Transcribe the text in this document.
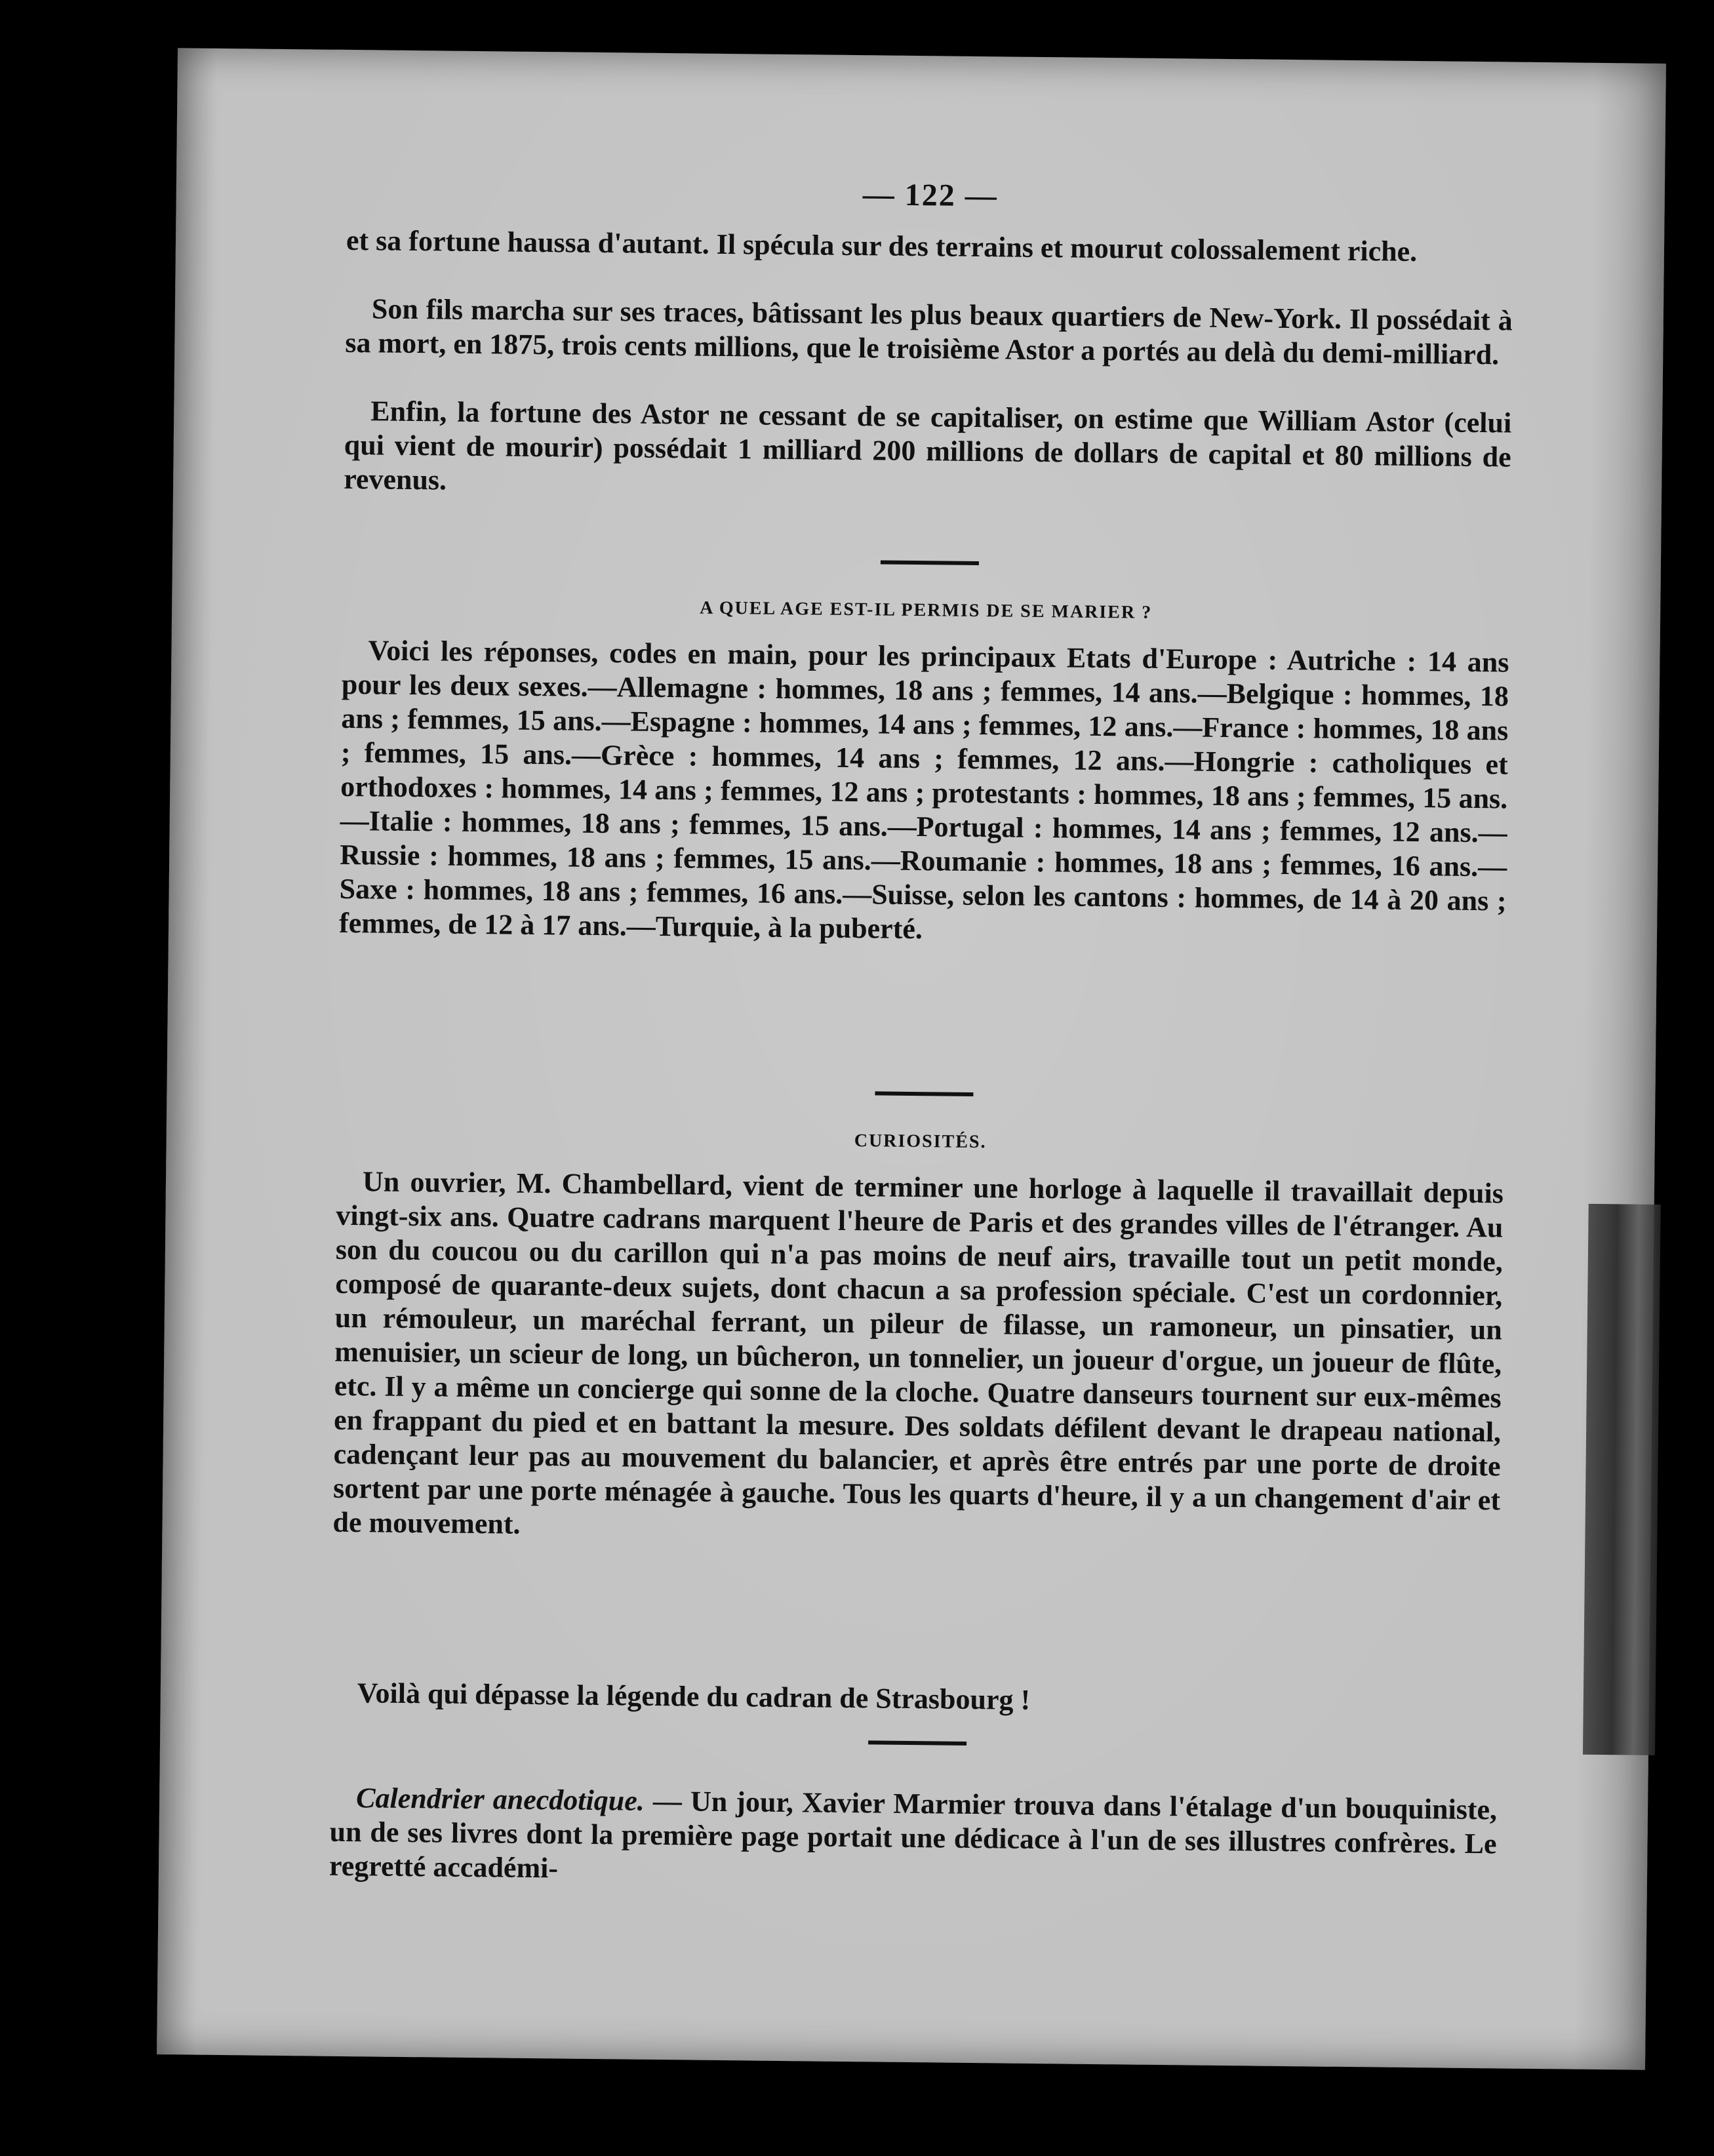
— 122 —

et sa fortune haussa d'autant. Il spécula sur des terrains et mourut colossalement riche.

Son fils marcha sur ses traces, bâtissant les plus beaux quartiers de New-York. Il possédait à sa mort, en 1875, trois cents millions, que le troisième Astor a portés au delà du demi-milliard.

Enfin, la fortune des Astor ne cessant de se capitaliser, on estime que William Astor (celui qui vient de mourir) possédait 1 milliard 200 millions de dollars de capital et 80 millions de revenus.

A QUEL AGE EST-IL PERMIS DE SE MARIER ?

Voici les réponses, codes en main, pour les principaux Etats d'Europe : Autriche : 14 ans pour les deux sexes.—Allemagne : hommes, 18 ans ; femmes, 14 ans.—Belgique : hommes, 18 ans ; femmes, 15 ans.—Espagne : hommes, 14 ans ; femmes, 12 ans.—France : hommes, 18 ans ; femmes, 15 ans.—Grèce : hommes, 14 ans ; femmes, 12 ans.—Hongrie : catholiques et orthodoxes : hommes, 14 ans ; femmes, 12 ans ; protestants : hommes, 18 ans ; femmes, 15 ans.—Italie : hommes, 18 ans ; femmes, 15 ans.—Portugal : hommes, 14 ans ; femmes, 12 ans.—Russie : hommes, 18 ans ; femmes, 15 ans.—Roumanie : hommes, 18 ans ; femmes, 16 ans.—Saxe : hommes, 18 ans ; femmes, 16 ans.—Suisse, selon les cantons : hommes, de 14 à 20 ans ; femmes, de 12 à 17 ans.—Turquie, à la puberté.

CURIOSITÉS.

Un ouvrier, M. Chambellard, vient de terminer une horloge à laquelle il travaillait depuis vingt-six ans. Quatre cadrans marquent l'heure de Paris et des grandes villes de l'étranger. Au son du coucou ou du carillon qui n'a pas moins de neuf airs, travaille tout un petit monde, composé de quarante-deux sujets, dont chacun a sa profession spéciale. C'est un cordonnier, un rémouleur, un maréchal ferrant, un pileur de filasse, un ramoneur, un pinsatier, un menuisier, un scieur de long, un bûcheron, un tonnelier, un joueur d'orgue, un joueur de flûte, etc. Il y a même un concierge qui sonne de la cloche. Quatre danseurs tournent sur eux-mêmes en frappant du pied et en battant la mesure. Des soldats défilent devant le drapeau national, cadençant leur pas au mouvement du balancier, et après être entrés par une porte de droite sortent par une porte ménagée à gauche. Tous les quarts d'heure, il y a un changement d'air et de mouvement.

Voilà qui dépasse la légende du cadran de Strasbourg !

Calendrier anecdotique. — Un jour, Xavier Marmier trouva dans l'étalage d'un bouquiniste, un de ses livres dont la première page portait une dédicace à l'un de ses illustres confrères. Le regretté accadémi-
